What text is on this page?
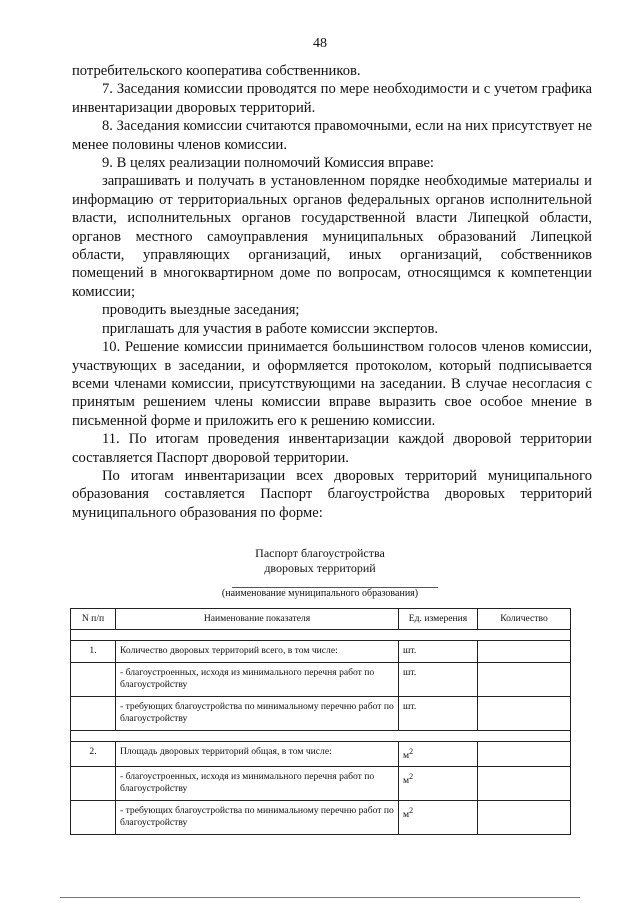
48

потребительского кооператива собственников.

7. Заседания комиссии проводятся по мере необходимости и с учетом графика инвентаризации дворовых территорий.

8. Заседания комиссии считаются правомочными, если на них присутствует не менее половины членов комиссии.

9. В целях реализации полномочий Комиссия вправе:

запрашивать и получать в установленном порядке необходимые материалы и информацию от территориальных органов федеральных органов исполнительной власти, исполнительных органов государственной власти Липецкой области, органов местного самоуправления муниципальных образований Липецкой области, управляющих организаций, иных организаций, собственников помещений в многоквартирном доме по вопросам, относящимся к компетенции комиссии;

проводить выездные заседания;

приглашать для участия в работе комиссии экспертов.

10. Решение комиссии принимается большинством голосов членов комиссии, участвующих в заседании, и оформляется протоколом, который подписывается всеми членами комиссии, присутствующими на заседании. В случае несогласия с принятым решением члены комиссии вправе выразить свое особое мнение в письменной форме и приложить его к решению комиссии.

11. По итогам проведения инвентаризации каждой дворовой территории составляется Паспорт дворовой территории.

По итогам инвентаризации всех дворовых территорий муниципального образования составляется Паспорт благоустройства дворовых территорий муниципального образования по форме:

Паспорт благоустройства
дворовых территорий
(наименование муниципального образования)
N п/п	Наименование показателя	Ед. измерения	Количество

1.	Количество дворовых территорий всего, в том числе:	шт.	
	- благоустроенных, исходя из минимального перечня работ по благоустройству	шт.	
	- требующих благоустройства по минимальному перечню работ по благоустройству	шт.	

2.	Площадь дворовых территорий общая, в том числе:	$м^2$	
	- благоустроенных, исходя из минимального перечня работ по благоустройству	$м^2$	
	- требующих благоустройства по минимальному перечню работ по благоустройству	$м^2$	
